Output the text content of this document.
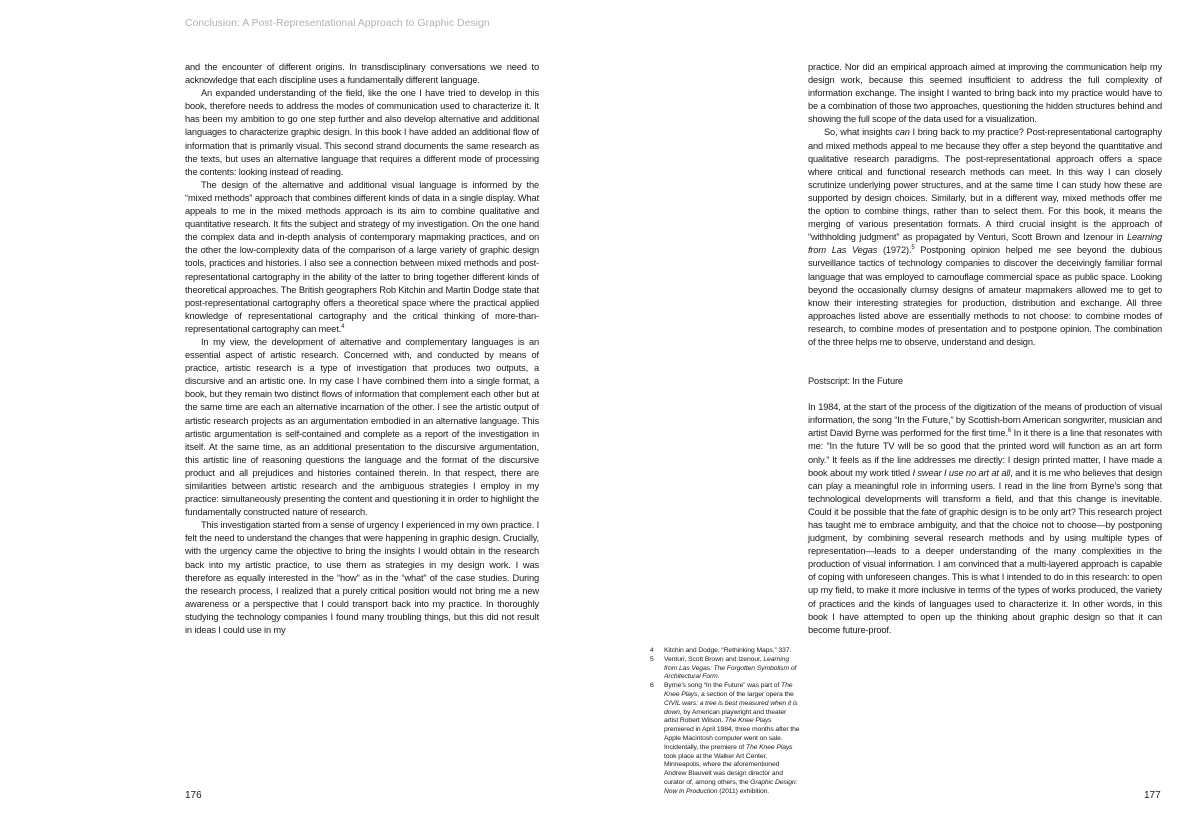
Conclusion: A Post-Representational Approach to Graphic Design

and the encounter of different origins. In transdisciplinary conversations we need to acknowledge that each discipline uses a fundamentally different language.

An expanded understanding of the field, like the one I have tried to develop in this book, therefore needs to address the modes of communication used to characterize it. It has been my ambition to go one step further and also develop alternative and additional languages to characterize graphic design. In this book I have added an additional flow of information that is primarily visual. This second strand documents the same research as the texts, but uses an alternative language that requires a different mode of processing the contents: looking instead of reading.

The design of the alternative and additional visual language is informed by the “mixed methods” approach that combines different kinds of data in a single display. What appeals to me in the mixed methods approach is its aim to combine qualitative and quantitative research. It fits the subject and strategy of my investigation. On the one hand the complex data and in-depth analysis of contemporary mapmaking practices, and on the other the low-complexity data of the comparison of a large variety of graphic design tools, practices and histories. I also see a connection between mixed methods and post-representational cartography in the ability of the latter to bring together different kinds of theoretical approaches. The British geographers Rob Kitchin and Martin Dodge state that post-representational cartography offers a theoretical space where the practical applied knowledge of representational cartography and the critical thinking of more-than-representational cartography can meet.$^4$

In my view, the development of alternative and complementary languages is an essential aspect of artistic research. Concerned with, and conducted by means of practice, artistic research is a type of investigation that produces two outputs, a discursive and an artistic one. In my case I have combined them into a single format, a book, but they remain two distinct flows of information that complement each other but at the same time are each an alternative incarnation of the other. I see the artistic output of artistic research projects as an argumentation embodied in an alternative language. This artistic argumentation is self-contained and complete as a report of the investigation in itself. At the same time, as an additional presentation to the discursive argumentation, this artistic line of reasoning questions the language and the format of the discursive product and all prejudices and histories contained therein. In that respect, there are similarities between artistic research and the ambiguous strategies I employ in my practice: simultaneously presenting the content and questioning it in order to highlight the fundamentally constructed nature of research.

This investigation started from a sense of urgency I experienced in my own practice. I felt the need to understand the changes that were happening in graphic design. Crucially, with the urgency came the objective to bring the insights I would obtain in the research back into my artistic practice, to use them as strategies in my design work. I was therefore as equally interested in the “how” as in the “what” of the case studies. During the research process, I realized that a purely critical position would not bring me a new awareness or a perspective that I could transport back into my practice. In thoroughly studying the technology companies I found many troubling things, but this did not result in ideas I could use in my

4 Kitchin and Dodge, “Rethinking Maps,” 337.

5 Venturi, Scott Brown and Izenour, Learning from Las Vegas: The Forgotten Symbolism of Architectural Form.

6 Byrne’s song “In the Future” was part of The Knee Plays, a section of the larger opera the CIVIL wars: a tree is best measured when it is down, by American playwright and theater artist Robert Wilson. The Knee Plays premiered in April 1984, three months after the Apple Macintosh computer went on sale. Incidentally, the premiere of The Knee Plays took place at the Walker Art Center, Minneapolis, where the aforementioned Andrew Blauvelt was design director and curator of, among others, the Graphic Design: Now in Production (2011) exhibition.

practice. Nor did an empirical approach aimed at improving the communication help my design work, because this seemed insufficient to address the full complexity of information exchange. The insight I wanted to bring back into my practice would have to be a combination of those two approaches, questioning the hidden structures behind and showing the full scope of the data used for a visualization.

So, what insights can I bring back to my practice? Post-representational cartography and mixed methods appeal to me because they offer a step beyond the quantitative and qualitative research paradigms. The post-representational approach offers a space where critical and functional research methods can meet. In this way I can closely scrutinize underlying power structures, and at the same time I can study how these are supported by design choices. Similarly, but in a different way, mixed methods offer me the option to combine things, rather than to select them. For this book, it means the merging of various presentation formats. A third crucial insight is the approach of “withholding judgment” as propagated by Venturi, Scott Brown and Izenour in Learning from Las Vegas (1972).$^5$ Postponing opinion helped me see beyond the dubious surveillance tactics of technology companies to discover the deceivingly familiar formal language that was employed to camouflage commercial space as public space. Looking beyond the occasionally clumsy designs of amateur mapmakers allowed me to get to know their interesting strategies for production, distribution and exchange. All three approaches listed above are essentially methods to not choose: to combine modes of research, to combine modes of presentation and to postpone opinion. The combination of the three helps me to observe, understand and design.

Postscript: In the Future

In 1984, at the start of the process of the digitization of the means of production of visual information, the song “In the Future,” by Scottish-born American songwriter, musician and artist David Byrne was performed for the first time.$^6$ In it there is a line that resonates with me: “In the future TV will be so good that the printed word will function as an art form only.” It feels as if the line addresses me directly: I design printed matter, I have made a book about my work titled I swear I use no art at all, and it is me who believes that design can play a meaningful role in informing users. I read in the line from Byrne’s song that technological developments will transform a field, and that this change is inevitable. Could it be possible that the fate of graphic design is to be only art? This research project has taught me to embrace ambiguity, and that the choice not to choose—by postponing judgment, by combining several research methods and by using multiple types of representation—leads to a deeper understanding of the many complexities in the production of visual information. I am convinced that a multi-layered approach is capable of coping with unforeseen changes. This is what I intended to do in this research: to open up my field, to make it more inclusive in terms of the types of works produced, the variety of practices and the kinds of languages used to characterize it. In other words, in this book I have attempted to open up the thinking about graphic design so that it can become future-proof.

176	177
